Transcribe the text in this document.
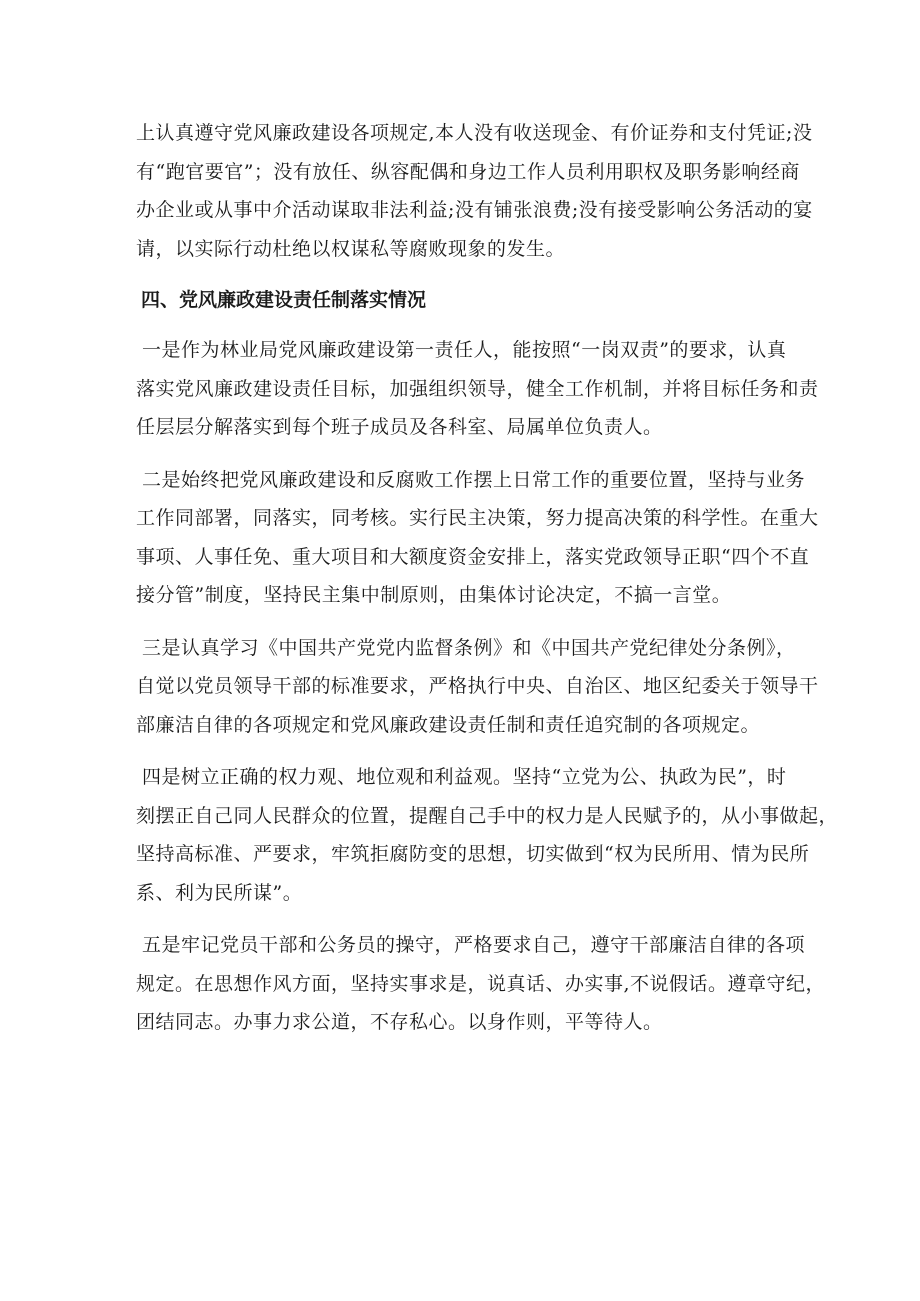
上认真遵守党风廉政建设各项规定,本人没有收送现金、有价证券和支付凭证;没
有“跑官要官”；没有放任、纵容配偶和身边工作人员利用职权及职务影响经商
办企业或从事中介活动谋取非法利益;没有铺张浪费;没有接受影响公务活动的宴
请，以实际行动杜绝以权谋私等腐败现象的发生。

四、党风廉政建设责任制落实情况

一是作为林业局党风廉政建设第一责任人，能按照“一岗双责”的要求，认真
落实党风廉政建设责任目标，加强组织领导，健全工作机制，并将目标任务和责
任层层分解落实到每个班子成员及各科室、局属单位负责人。

二是始终把党风廉政建设和反腐败工作摆上日常工作的重要位置，坚持与业务
工作同部署，同落实，同考核。实行民主决策，努力提高决策的科学性。在重大
事项、人事任免、重大项目和大额度资金安排上，落实党政领导正职“四个不直
接分管”制度，坚持民主集中制原则，由集体讨论决定，不搞一言堂。

三是认真学习《中国共产党党内监督条例》和《中国共产党纪律处分条例》，
自觉以党员领导干部的标准要求，严格执行中央、自治区、地区纪委关于领导干
部廉洁自律的各项规定和党风廉政建设责任制和责任追究制的各项规定。

四是树立正确的权力观、地位观和利益观。坚持“立党为公、执政为民”，时
刻摆正自己同人民群众的位置，提醒自己手中的权力是人民赋予的，从小事做起，
坚持高标准、严要求，牢筑拒腐防变的思想，切实做到“权为民所用、情为民所
系、利为民所谋”。

五是牢记党员干部和公务员的操守，严格要求自己，遵守干部廉洁自律的各项
规定。在思想作风方面，坚持实事求是，说真话、办实事,不说假话。遵章守纪，
团结同志。办事力求公道，不存私心。以身作则，平等待人。
